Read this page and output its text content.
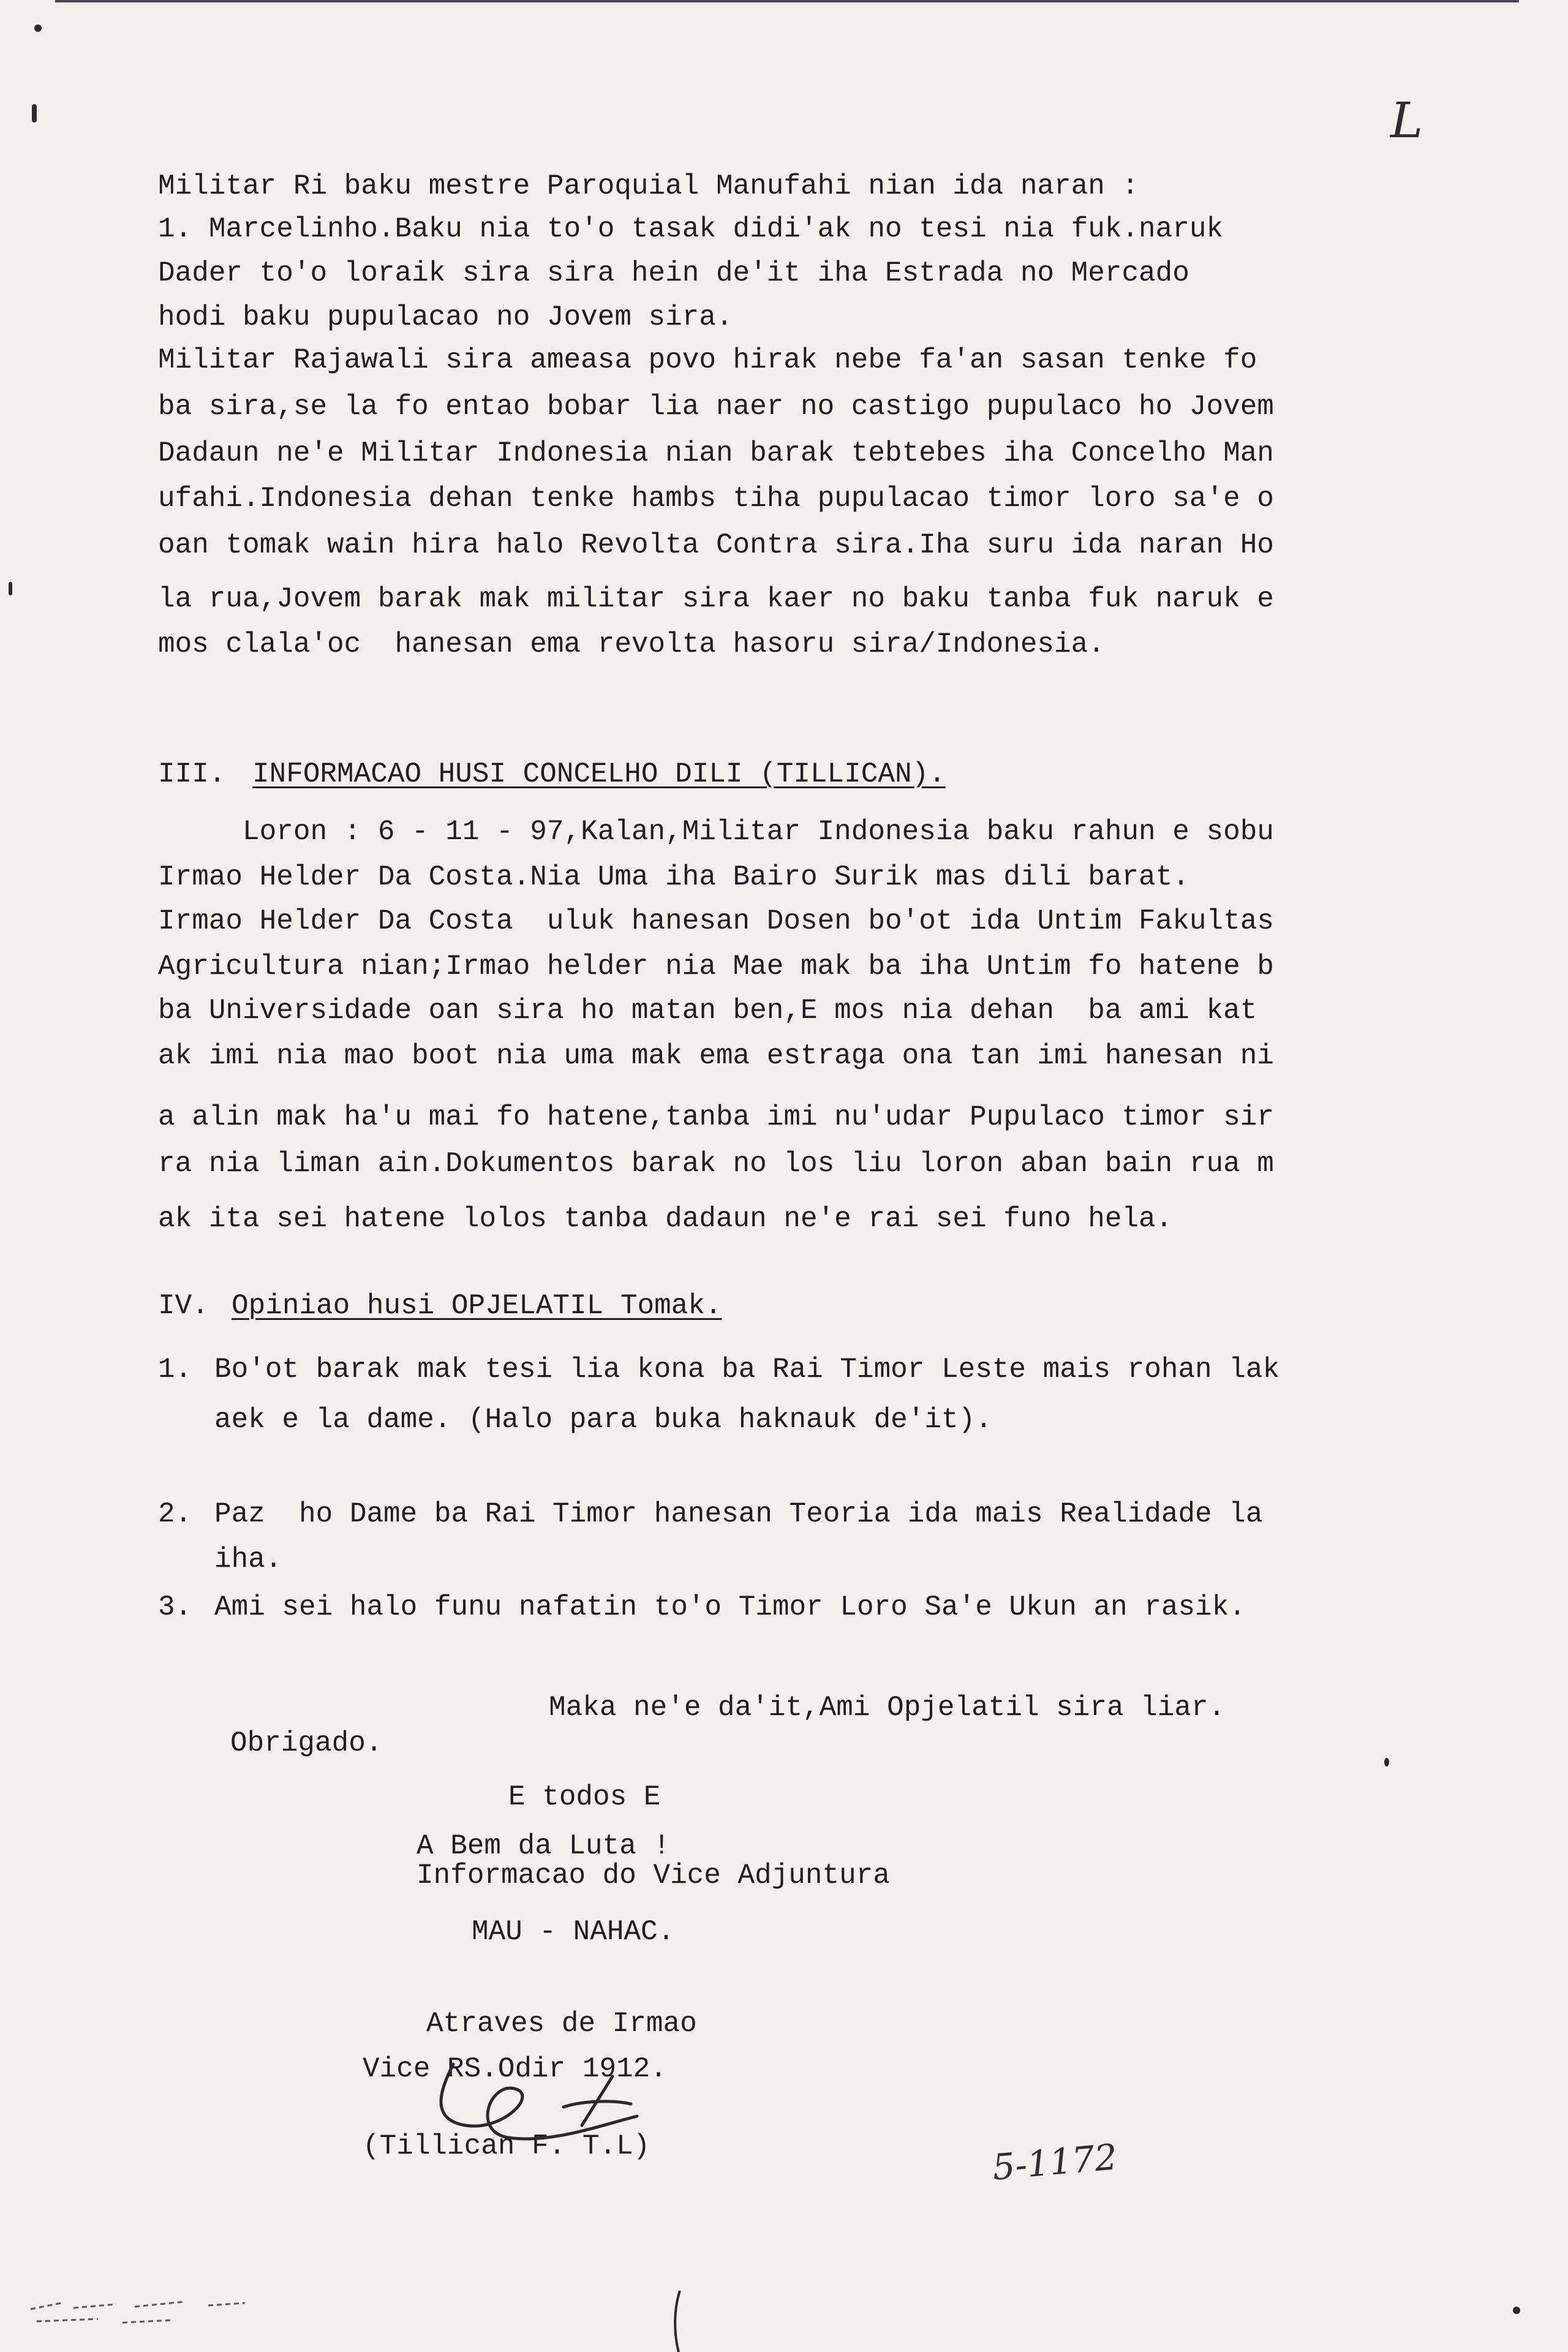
L

Militar Ri baku mestre Paroquial Manufahi nian ida naran :

1. Marcelinho.Baku nia to'o tasak didi'ak no tesi nia fuk.naruk

Dader to'o loraik sira sira hein de'it iha Estrada no Mercado

hodi baku pupulacao no Jovem sira.

Militar Rajawali sira ameasa povo hirak nebe fa'an sasan tenke fo

ba sira,se la fo entao bobar lia naer no castigo pupulaco ho Jovem

Dadaun ne'e Militar Indonesia nian barak tebtebes iha Concelho Man

ufahi.Indonesia dehan tenke hambs tiha pupulacao timor loro sa'e o

oan tomak wain hira halo Revolta Contra sira.Iha suru ida naran Ho

la rua,Jovem barak mak militar sira kaer no baku tanba fuk naruk e

mos clala'oc  hanesan ema revolta hasoru sira/Indonesia.

III. INFORMACAO HUSI CONCELHO DILI (TILLICAN).

Loron : 6 - 11 - 97,Kalan,Militar Indonesia baku rahun e sobu

Irmao Helder Da Costa.Nia Uma iha Bairo Surik mas dili barat.

Irmao Helder Da Costa  uluk hanesan Dosen bo'ot ida Untim Fakultas

Agricultura nian;Irmao helder nia Mae mak ba iha Untim fo hatene b

ba Universidade oan sira ho matan ben,E mos nia dehan  ba ami kat

ak imi nia mao boot nia uma mak ema estraga ona tan imi hanesan ni

a alin mak ha'u mai fo hatene,tanba imi nu'udar Pupulaco timor sir

ra nia liman ain.Dokumentos barak no los liu loron aban bain rua m

ak ita sei hatene lolos tanba dadaun ne'e rai sei funo hela.

IV. Opiniao husi OPJELATIL Tomak.

1. Bo'ot barak mak tesi lia kona ba Rai Timor Leste mais rohan lak

aek e la dame. (Halo para buka haknauk de'it).

2. Paz  ho Dame ba Rai Timor hanesan Teoria ida mais Realidade la

iha.

3. Ami sei halo funu nafatin to'o Timor Loro Sa'e Ukun an rasik.

Maka ne'e da'it,Ami Opjelatil sira liar.

Obrigado.

E todos E

A Bem da Luta !

Informacao do Vice Adjuntura

MAU - NAHAC.

Atraves de Irmao

Vice RS.Odir 1912.

(Tillican F. T.L)	5-1172
